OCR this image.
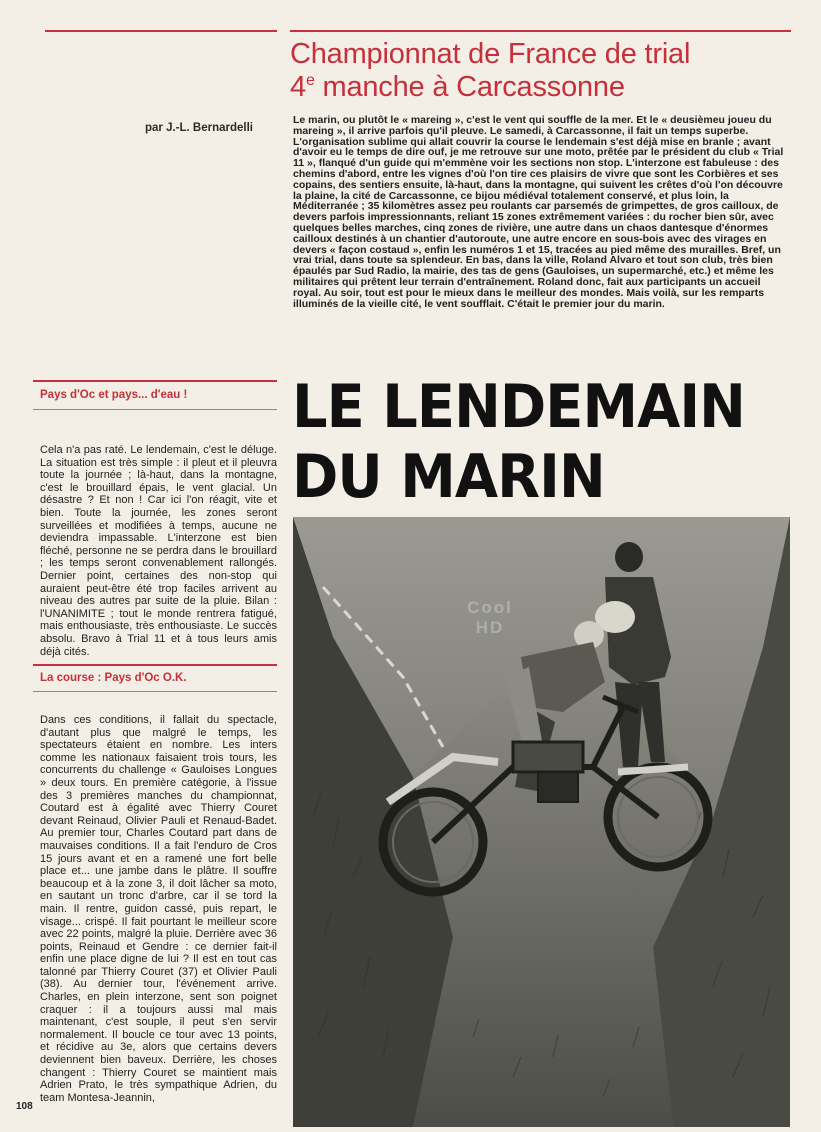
Championnat de France de trial
4e manche à Carcassonne

par J.-L. Bernardelli

Le marin, ou plutôt le « mareing », c'est le vent qui souffle de la mer. Et le « deusièmeu joueu du mareing », il arrive parfois qu'il pleuve. Le samedi, à Carcassonne, il fait un temps superbe. L'organisation sublime qui allait couvrir la course le lendemain s'est déjà mise en branle ; avant d'avoir eu le temps de dire ouf, je me retrouve sur une moto, prêtée par le président du club « Trial 11 », flanqué d'un guide qui m'emmène voir les sections non stop. L'interzone est fabuleuse : des chemins d'abord, entre les vignes d'où l'on tire ces plaisirs de vivre que sont les Corbières et ses copains, des sentiers ensuite, là-haut, dans la montagne, qui suivent les crêtes d'où l'on découvre la plaine, la cité de Carcassonne, ce bijou médiéval totalement conservé, et plus loin, la Méditerranée ; 35 kilomètres assez peu roulants car parsemés de grimpettes, de gros cailloux, de devers parfois impressionnants, reliant 15 zones extrêmement variées : du rocher bien sûr, avec quelques belles marches, cinq zones de rivière, une autre dans un chaos dantesque d'énormes cailloux destinés à un chantier d'autoroute, une autre encore en sous-bois avec des virages en devers « façon costaud », enfin les numéros 1 et 15, tracées au pied même des murailles. Bref, un vrai trial, dans toute sa splendeur. En bas, dans la ville, Roland Alvaro et tout son club, très bien épaulés par Sud Radio, la mairie, des tas de gens (Gauloises, un supermarché, etc.) et même les militaires qui prêtent leur terrain d'entraînement. Roland donc, fait aux participants un accueil royal. Au soir, tout est pour le mieux dans le meilleur des mondes. Mais voilà, sur les remparts illuminés de la vieille cité, le vent soufflait. C'était le premier jour du marin.

LE LENDEMAIN
DU MARIN

Pays d'Oc et pays... d'eau !

Cela n'a pas raté. Le lendemain, c'est le déluge. La situation est très simple : il pleut et il pleuvra toute la journée ; là-haut, dans la montagne, c'est le brouillard épais, le vent glacial. Un désastre ? Et non ! Car ici l'on réagit, vite et bien. Toute la journée, les zones seront surveillées et modifiées à temps, aucune ne deviendra impassable. L'interzone est bien fléché, personne ne se perdra dans le brouillard ; les temps seront convenablement rallongés. Dernier point, certaines des non-stop qui auraient peut-être été trop faciles arrivent au niveau des autres par suite de la pluie. Bilan : l'UNANIMITE ; tout le monde rentrera fatigué, mais enthousiaste, très enthousiaste. Le succès absolu. Bravo à Trial 11 et à tous leurs amis déjà cités.

La course : Pays d'Oc O.K.

Dans ces conditions, il fallait du spectacle, d'autant plus que malgré le temps, les spectateurs étaient en nombre. Les inters comme les nationaux faisaient trois tours, les concurrents du challenge « Gauloises Longues » deux tours. En première catégorie, à l'issue des 3 premières manches du championnat, Coutard est à égalité avec Thierry Couret devant Reinaud, Olivier Pauli et Renaud-Badet. Au premier tour, Charles Coutard part dans de mauvaises conditions. Il a fait l'enduro de Cros 15 jours avant et en a ramené une fort belle place et... une jambe dans le plâtre. Il souffre beaucoup et à la zone 3, il doit lâcher sa moto, en sautant un tronc d'arbre, car il se tord la main. Il rentre, guidon cassé, puis repart, le visage... crispé. Il fait pourtant le meilleur score avec 22 points, malgré la pluie. Derrière avec 36 points, Reinaud et Gendre : ce dernier fait-il enfin une place digne de lui ? Il est en tout cas talonné par Thierry Couret (37) et Olivier Pauli (38). Au dernier tour, l'événement arrive. Charles, en plein interzone, sent son poignet craquer : il a toujours aussi mal mais maintenant, c'est souple, il peut s'en servir normalement. Il boucle ce tour avec 13 points, et récidive au 3e, alors que certains devers deviennent bien baveux. Derrière, les choses changent : Thierry Couret se maintient mais Adrien Prato, le très sympathique Adrien, du team Montesa-Jeannin,

Cool
HD
108
